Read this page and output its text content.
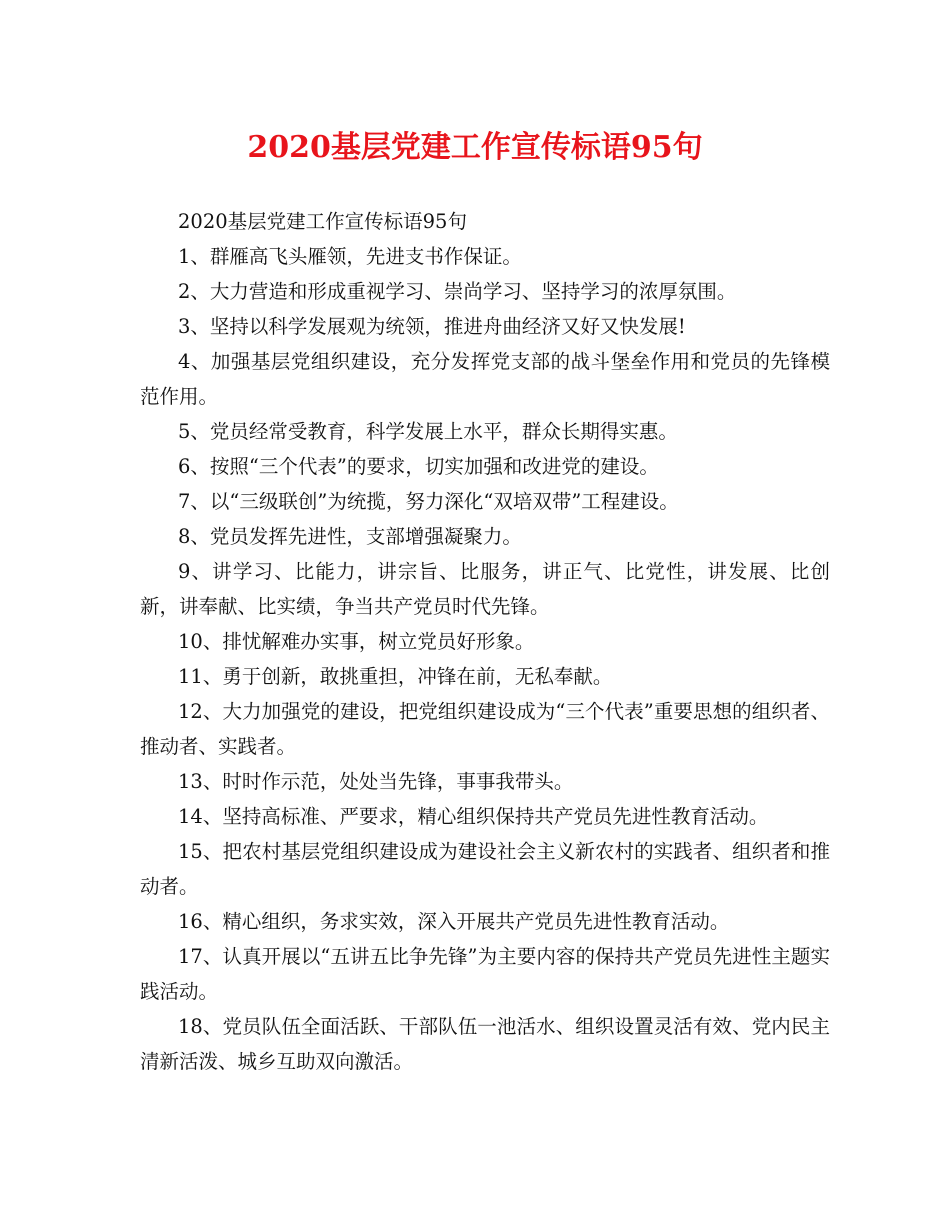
2020基层党建工作宣传标语95句

2020基层党建工作宣传标语95句

1、群雁高飞头雁领，先进支书作保证。

2、大力营造和形成重视学习、崇尚学习、坚持学习的浓厚氛围。

3、坚持以科学发展观为统领，推进舟曲经济又好又快发展!

4、加强基层党组织建设，充分发挥党支部的战斗堡垒作用和党员的先锋模范作用。

5、党员经常受教育，科学发展上水平，群众长期得实惠。

6、按照“三个代表”的要求，切实加强和改进党的建设。

7、以“三级联创”为统揽，努力深化“双培双带”工程建设。

8、党员发挥先进性，支部增强凝聚力。

9、讲学习、比能力，讲宗旨、比服务，讲正气、比党性，讲发展、比创新，讲奉献、比实绩，争当共产党员时代先锋。

10、排忧解难办实事，树立党员好形象。

11、勇于创新，敢挑重担，冲锋在前，无私奉献。

12、大力加强党的建设，把党组织建设成为“三个代表”重要思想的组织者、推动者、实践者。

13、时时作示范，处处当先锋，事事我带头。

14、坚持高标准、严要求，精心组织保持共产党员先进性教育活动。

15、把农村基层党组织建设成为建设社会主义新农村的实践者、组织者和推动者。

16、精心组织，务求实效，深入开展共产党员先进性教育活动。

17、认真开展以“五讲五比争先锋”为主要内容的保持共产党员先进性主题实践活动。

18、党员队伍全面活跃、干部队伍一池活水、组织设置灵活有效、党内民主清新活泼、城乡互助双向激活。
